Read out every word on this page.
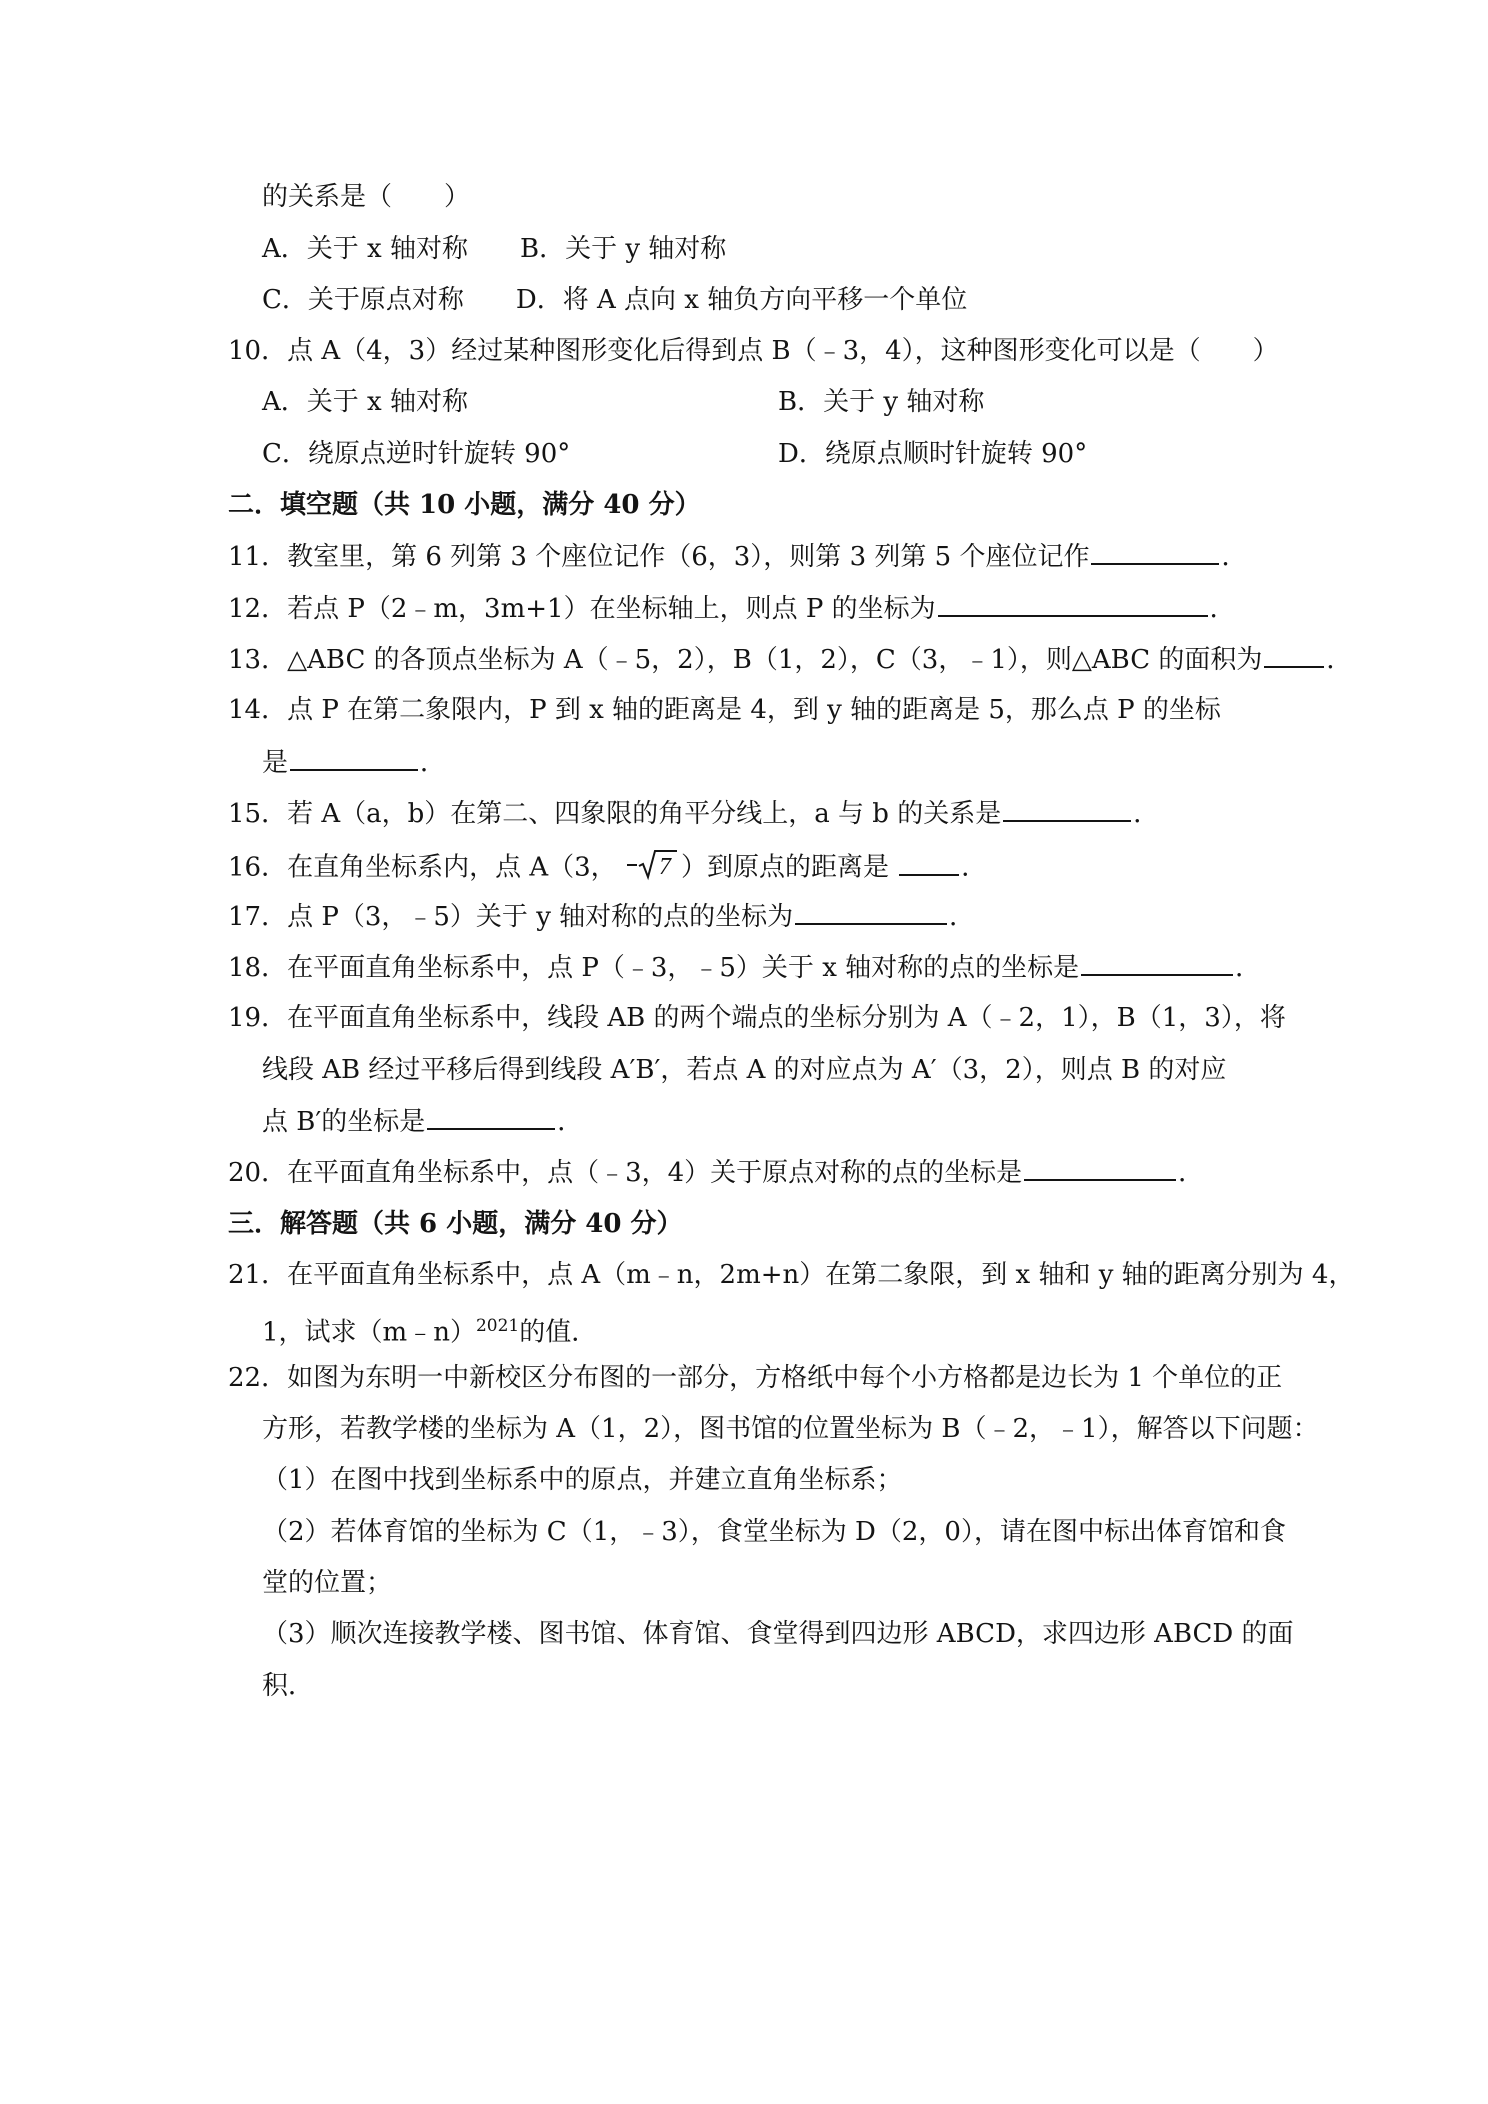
的关系是（　　）
A．关于 x 轴对称　　B．关于 y 轴对称
C．关于原点对称　　D．将 A 点向 x 轴负方向平移一个单位
10．点 A（4，3）经过某种图形变化后得到点 B（﹣3，4），这种图形变化可以是（　　）
A．关于 x 轴对称	B．关于 y 轴对称
C．绕原点逆时针旋转 90°	D．绕原点顺时针旋转 90°
二．填空题（共 10 小题，满分 40 分）
11．教室里，第 6 列第 3 个座位记作（6，3），则第 3 列第 5 个座位记作	．
12．若点 P（2﹣m，3m+1）在坐标轴上，则点 P 的坐标为	．
13．△ABC 的各顶点坐标为 A（﹣5，2），B（1，2），C（3，﹣1），则△ABC 的面积为 ．
14．点 P 在第二象限内，P 到 x 轴的距离是 4，到 y 轴的距离是 5，那么点 P 的坐标
是	．
15．若 A（a，b）在第二、四象限的角平分线上，a 与 b 的关系是	．
16．在直角坐标系内，点 A（3， 7 ）到原点的距离是	．
17．点 P（3，﹣5）关于 y 轴对称的点的坐标为	．
18．在平面直角坐标系中，点 P（﹣3，﹣5）关于 x 轴对称的点的坐标是	．
19．在平面直角坐标系中，线段 AB 的两个端点的坐标分别为 A（﹣2，1），B（1，3），将
线段 AB 经过平移后得到线段 A′B′，若点 A 的对应点为 A′（3，2），则点 B 的对应
点 B′的坐标是	．
20．在平面直角坐标系中，点（﹣3，4）关于原点对称的点的坐标是	．
三．解答题（共 6 小题，满分 40 分）
21．在平面直角坐标系中，点 A（m﹣n，2m+n）在第二象限，到 x 轴和 y 轴的距离分别为 4，
1，试求（m﹣n）$^{2021}$的值．
22．如图为东明一中新校区分布图的一部分，方格纸中每个小方格都是边长为 1 个单位的正
方形，若教学楼的坐标为 A（1，2），图书馆的位置坐标为 B（﹣2，﹣1），解答以下问题：
（1）在图中找到坐标系中的原点，并建立直角坐标系；
（2）若体育馆的坐标为 C（1，﹣3），食堂坐标为 D（2，0），请在图中标出体育馆和食
堂的位置；
（3）顺次连接教学楼、图书馆、体育馆、食堂得到四边形 ABCD，求四边形 ABCD 的面
积．
